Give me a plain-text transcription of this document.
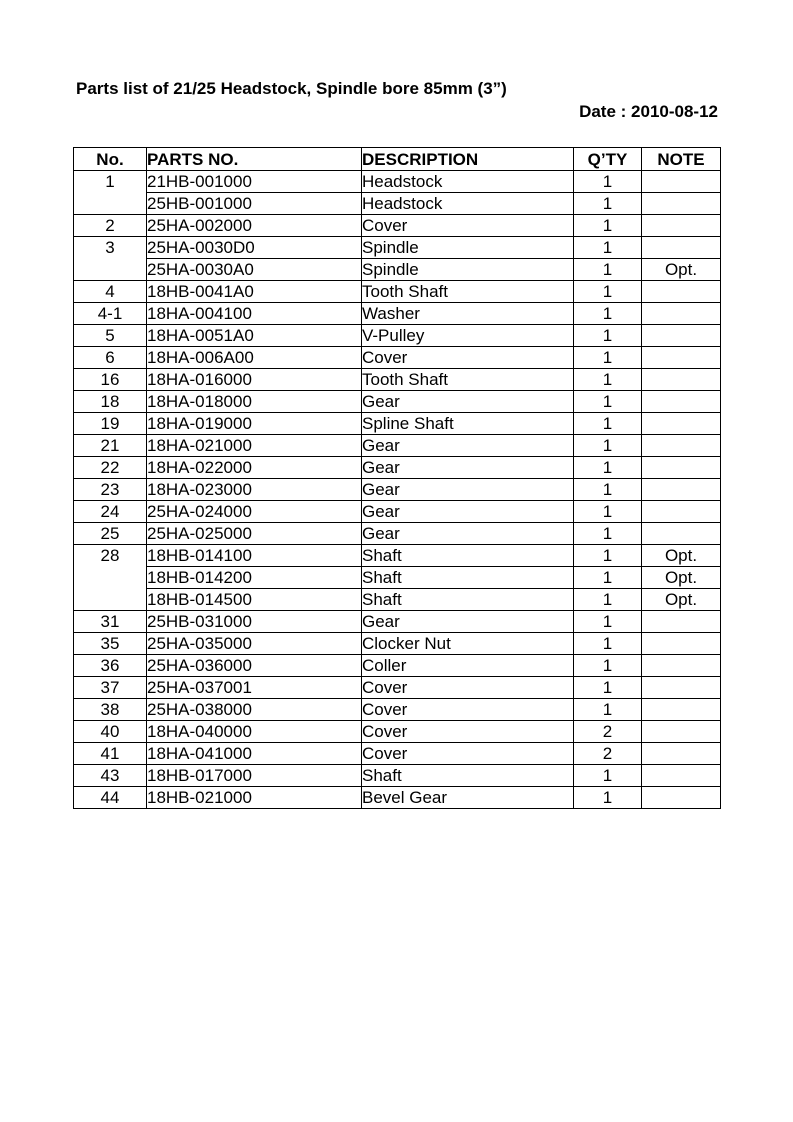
Parts list of 21/25 Headstock, Spindle bore 85mm (3”)
Date : 2010-08-12
No.	PARTS NO.	DESCRIPTION	Q’TY	NOTE
1	21HB-001000	Headstock	1	
	25HB-001000	Headstock	1	
2	25HA-002000	Cover	1	
3	25HA-0030D0	Spindle	1	
	25HA-0030A0	Spindle	1	Opt.
4	18HB-0041A0	Tooth Shaft	1	
4-1	18HA-004100	Washer	1	
5	18HA-0051A0	V-Pulley	1	
6	18HA-006A00	Cover	1	
16	18HA-016000	Tooth Shaft	1	
18	18HA-018000	Gear	1	
19	18HA-019000	Spline Shaft	1	
21	18HA-021000	Gear	1	
22	18HA-022000	Gear	1	
23	18HA-023000	Gear	1	
24	25HA-024000	Gear	1	
25	25HA-025000	Gear	1	
28	18HB-014100	Shaft	1	Opt.
	18HB-014200	Shaft	1	Opt.
	18HB-014500	Shaft	1	Opt.
31	25HB-031000	Gear	1	
35	25HA-035000	Clocker Nut	1	
36	25HA-036000	Coller	1	
37	25HA-037001	Cover	1	
38	25HA-038000	Cover	1	
40	18HA-040000	Cover	2	
41	18HA-041000	Cover	2	
43	18HB-017000	Shaft	1	
44	18HB-021000	Bevel Gear	1	
